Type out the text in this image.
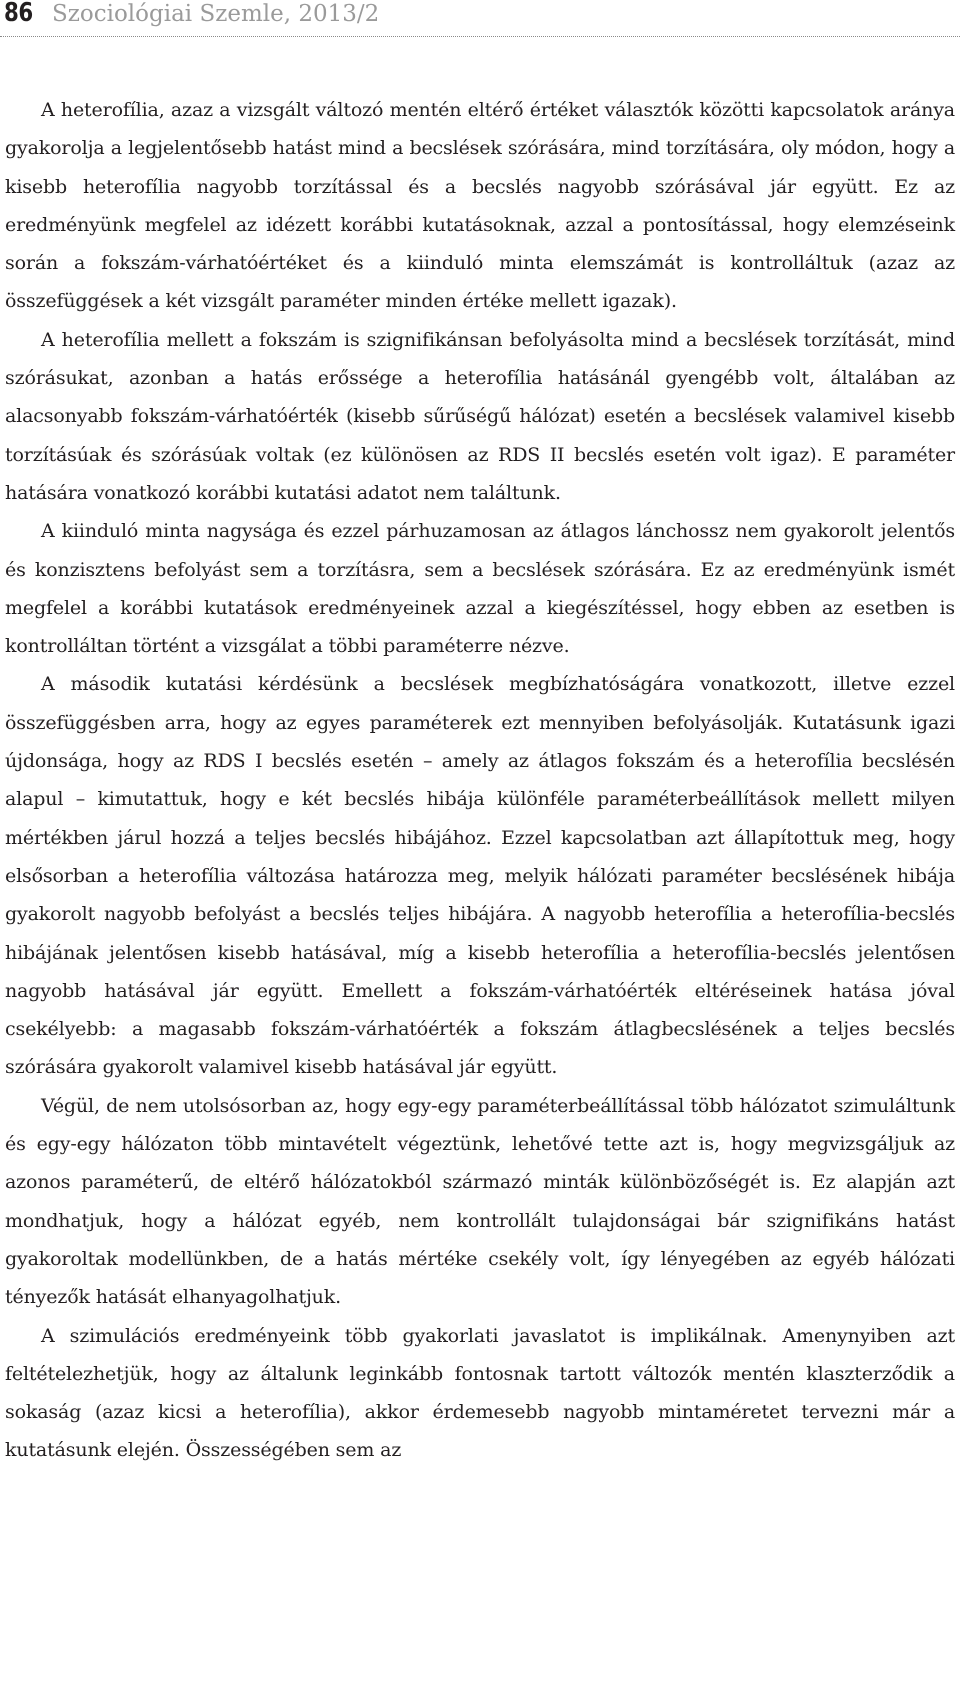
86 Szociológiai Szemle, 2013/2

A heterofília, azaz a vizsgált változó mentén eltérő értéket választók közötti kapcsolatok aránya gyakorolja a legjelentősebb hatást mind a becslések szórására, mind torzítására, oly módon, hogy a kisebb heterofília nagyobb torzítással és a becslés nagyobb szórásával jár együtt. Ez az eredményünk megfelel az idézett korábbi kutatásoknak, azzal a pontosítással, hogy elemzéseink során a fokszám-várhatóértéket és a kiinduló minta elemszámát is kontrolláltuk (azaz az összefüggések a két vizsgált paraméter minden értéke mellett igazak).

A heterofília mellett a fokszám is szignifikánsan befolyásolta mind a becslések torzítását, mind szórásukat, azonban a hatás erőssége a heterofília hatásánál gyengébb volt, általában az alacsonyabb fokszám-várhatóérték (kisebb sűrűségű hálózat) esetén a becslések valamivel kisebb torzításúak és szórásúak voltak (ez különösen az RDS II becslés esetén volt igaz). E paraméter hatására vonatkozó korábbi kutatási adatot nem találtunk.

A kiinduló minta nagysága és ezzel párhuzamosan az átlagos lánchossz nem gyakorolt jelentős és konzisztens befolyást sem a torzításra, sem a becslések szórására. Ez az eredményünk ismét megfelel a korábbi kutatások eredményeinek azzal a kiegészítéssel, hogy ebben az esetben is kontrolláltan történt a vizsgálat a többi paraméterre nézve.

A második kutatási kérdésünk a becslések megbízhatóságára vonatkozott, illetve ezzel összefüggésben arra, hogy az egyes paraméterek ezt mennyiben befolyásolják. Kutatásunk igazi újdonsága, hogy az RDS I becslés esetén – amely az átlagos fokszám és a heterofília becslésén alapul – kimutattuk, hogy e két becslés hibája különféle paraméterbeállítások mellett milyen mértékben járul hozzá a teljes becslés hibájához. Ezzel kapcsolatban azt állapítottuk meg, hogy elsősorban a heterofília változása határozza meg, melyik hálózati paraméter becslésének hibája gyakorolt nagyobb befolyást a becslés teljes hibájára. A nagyobb heterofília a heterofília-becslés hibájának jelentősen kisebb hatásával, míg a kisebb heterofília a heterofília-becslés jelentősen nagyobb hatásával jár együtt. Emellett a fokszám-várhatóérték eltéréseinek hatása jóval csekélyebb: a magasabb fokszám-várhatóérték a fokszám átlagbecslésének a teljes becslés szórására gyakorolt valamivel kisebb hatásával jár együtt.

Végül, de nem utolsósorban az, hogy egy-egy paraméterbeállítással több hálózatot szimuláltunk és egy-egy hálózaton több mintavételt végeztünk, lehetővé tette azt is, hogy megvizsgáljuk az azonos paraméterű, de eltérő hálózatokból származó minták különbözőségét is. Ez alapján azt mondhatjuk, hogy a hálózat egyéb, nem kontrollált tulajdonságai bár szignifikáns hatást gyakoroltak modellünkben, de a hatás mértéke csekély volt, így lényegében az egyéb hálózati tényezők hatását elhanyagolhatjuk.

A szimulációs eredményeink több gyakorlati javaslatot is implikálnak. Amenynyiben azt feltételezhetjük, hogy az általunk leginkább fontosnak tartott változók mentén klaszterződik a sokaság (azaz kicsi a heterofília), akkor érdemesebb nagyobb mintaméretet tervezni már a kutatásunk elején. Összességében sem az
